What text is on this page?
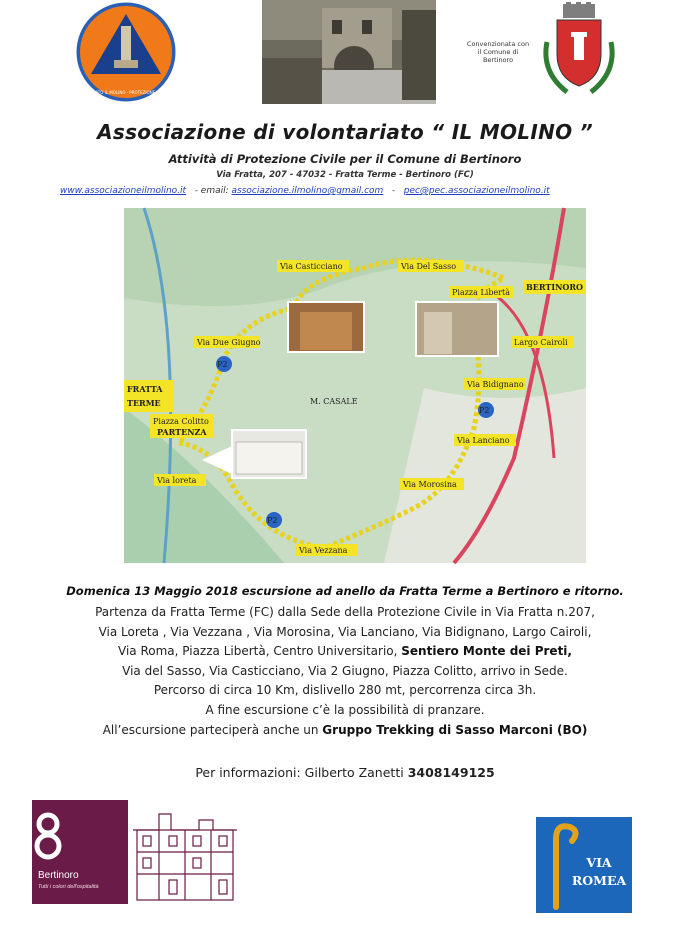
Ass. di VOLONTARIATO IL MOLINO · PROTEZIONE CIVILE BERTINORO
Convenzionata con il Comune di Bertinoro
Associazione di volontariato “ IL MOLINO ”
Attività di Protezione Civile per il Comune di Bertinoro
Via Fratta, 207 - 47032 - Fratta Terme - Bertinoro (FC)
www.associazioneilmolino.it - email: associazione.ilmolino@gmail.com - pec@pec.associazioneilmolino.it
Via Casticciano	Via Del Sasso
Piazza Libertà
BERTINORO
Via Due Giugno	Largo Cairoli
Via Bidignano
FRATTA
TERME
Piazza Colitto
PARTENZA
Via Lanciano
Via Morosina
Via loreta
Via Vezzana
M. CASALE
P2
P2
P2
Domenica 13 Maggio 2018 escursione ad anello da Fratta Terme a Bertinoro e ritorno.
Partenza da Fratta Terme (FC) dalla Sede della Protezione Civile in Via Fratta n.207,
Via Loreta , Via Vezzana , Via Morosina, Via Lanciano, Via Bidignano, Largo Cairoli,
Via Roma, Piazza Libertà, Centro Universitario, Sentiero Monte dei Preti,
Via del Sasso, Via Casticciano, Via 2 Giugno, Piazza Colitto, arrivo in Sede.
Percorso di circa 10 Km, dislivello 280 mt, percorrenza circa 3h.
A fine escursione c’è la possibilità di pranzare.
All’escursione parteciperà anche un Gruppo Trekking di Sasso Marconi (BO)
Per informazioni: Gilberto Zanetti 3408149125
Bertinoro
Tutti i colori dell'ospitalità
VIA
ROMEA
